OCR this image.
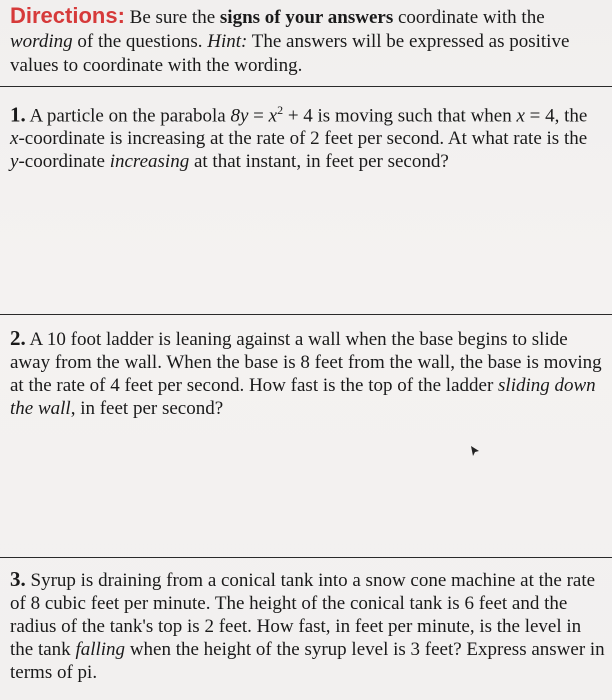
Directions: Be sure the signs of your answers coordinate with the wording of the questions. Hint: The answers will be expressed as positive values to coordinate with the wording.
1. A particle on the parabola $8y = x^2 + 4$ is moving such that when x = 4, the x-coordinate is increasing at the rate of 2 feet per second. At what rate is the y-coordinate increasing at that instant, in feet per second?
2. A 10 foot ladder is leaning against a wall when the base begins to slide away from the wall. When the base is 8 feet from the wall, the base is moving at the rate of 4 feet per second. How fast is the top of the ladder sliding down the wall, in feet per second?
3. Syrup is draining from a conical tank into a snow cone machine at the rate of 8 cubic feet per minute. The height of the conical tank is 6 feet and the radius of the tank's top is 2 feet. How fast, in feet per minute, is the level in the tank falling when the height of the syrup level is 3 feet? Express answer in terms of pi.
